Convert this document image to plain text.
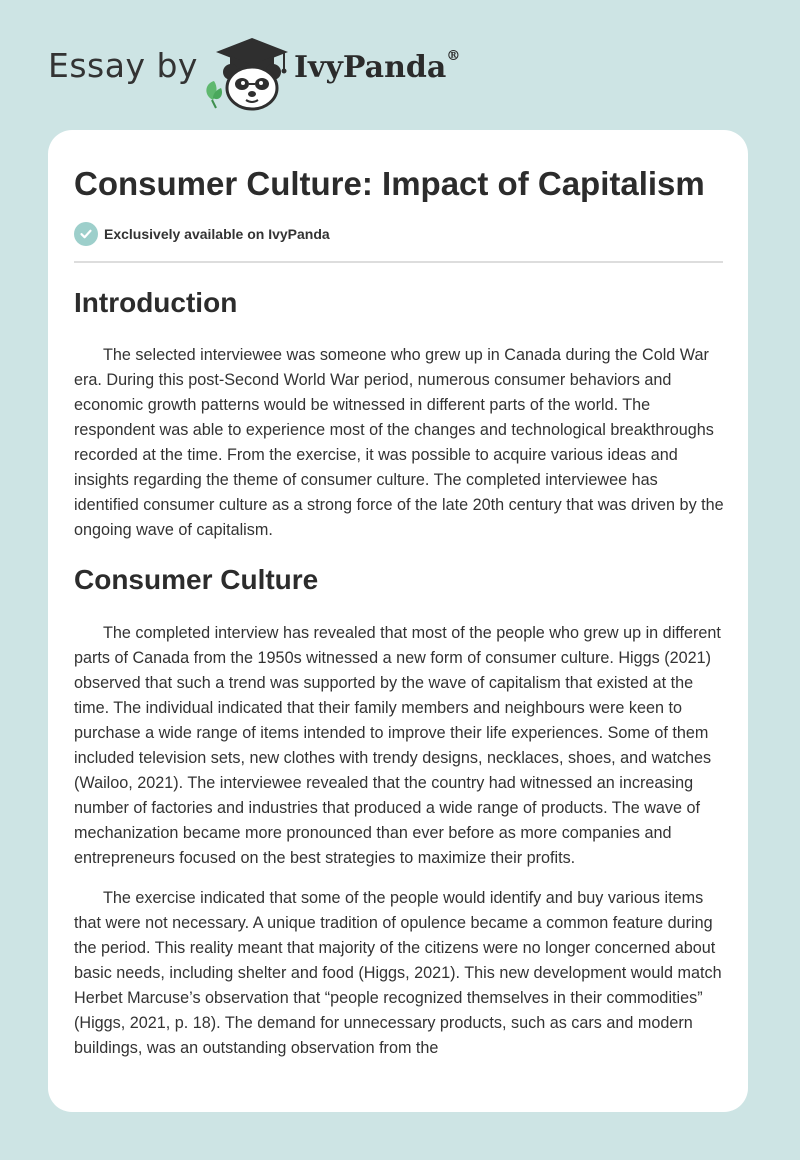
Essay by	IvyPanda®
Consumer Culture: Impact of Capitalism
Exclusively available on IvyPanda
Introduction

The selected interviewee was someone who grew up in Canada during the Cold War era. During this post-Second World War period, numerous consumer behaviors and economic growth patterns would be witnessed in different parts of the world. The respondent was able to experience most of the changes and technological breakthroughs recorded at the time. From the exercise, it was possible to acquire various ideas and insights regarding the theme of consumer culture. The completed interviewee has identified consumer culture as a strong force of the late 20th century that was driven by the ongoing wave of capitalism.

Consumer Culture

The completed interview has revealed that most of the people who grew up in different parts of Canada from the 1950s witnessed a new form of consumer culture. Higgs (2021) observed that such a trend was supported by the wave of capitalism that existed at the time. The individual indicated that their family members and neighbours were keen to purchase a wide range of items intended to improve their life experiences. Some of them included television sets, new clothes with trendy designs, necklaces, shoes, and watches (Wailoo, 2021). The interviewee revealed that the country had witnessed an increasing number of factories and industries that produced a wide range of products. The wave of mechanization became more pronounced than ever before as more companies and entrepreneurs focused on the best strategies to maximize their profits.

The exercise indicated that some of the people would identify and buy various items that were not necessary. A unique tradition of opulence became a common feature during the period. This reality meant that majority of the citizens were no longer concerned about basic needs, including shelter and food (Higgs, 2021). This new development would match Herbet Marcuse’s observation that “people recognized themselves in their commodities” (Higgs, 2021, p. 18). The demand for unnecessary products, such as cars and modern buildings, was an outstanding observation from the
